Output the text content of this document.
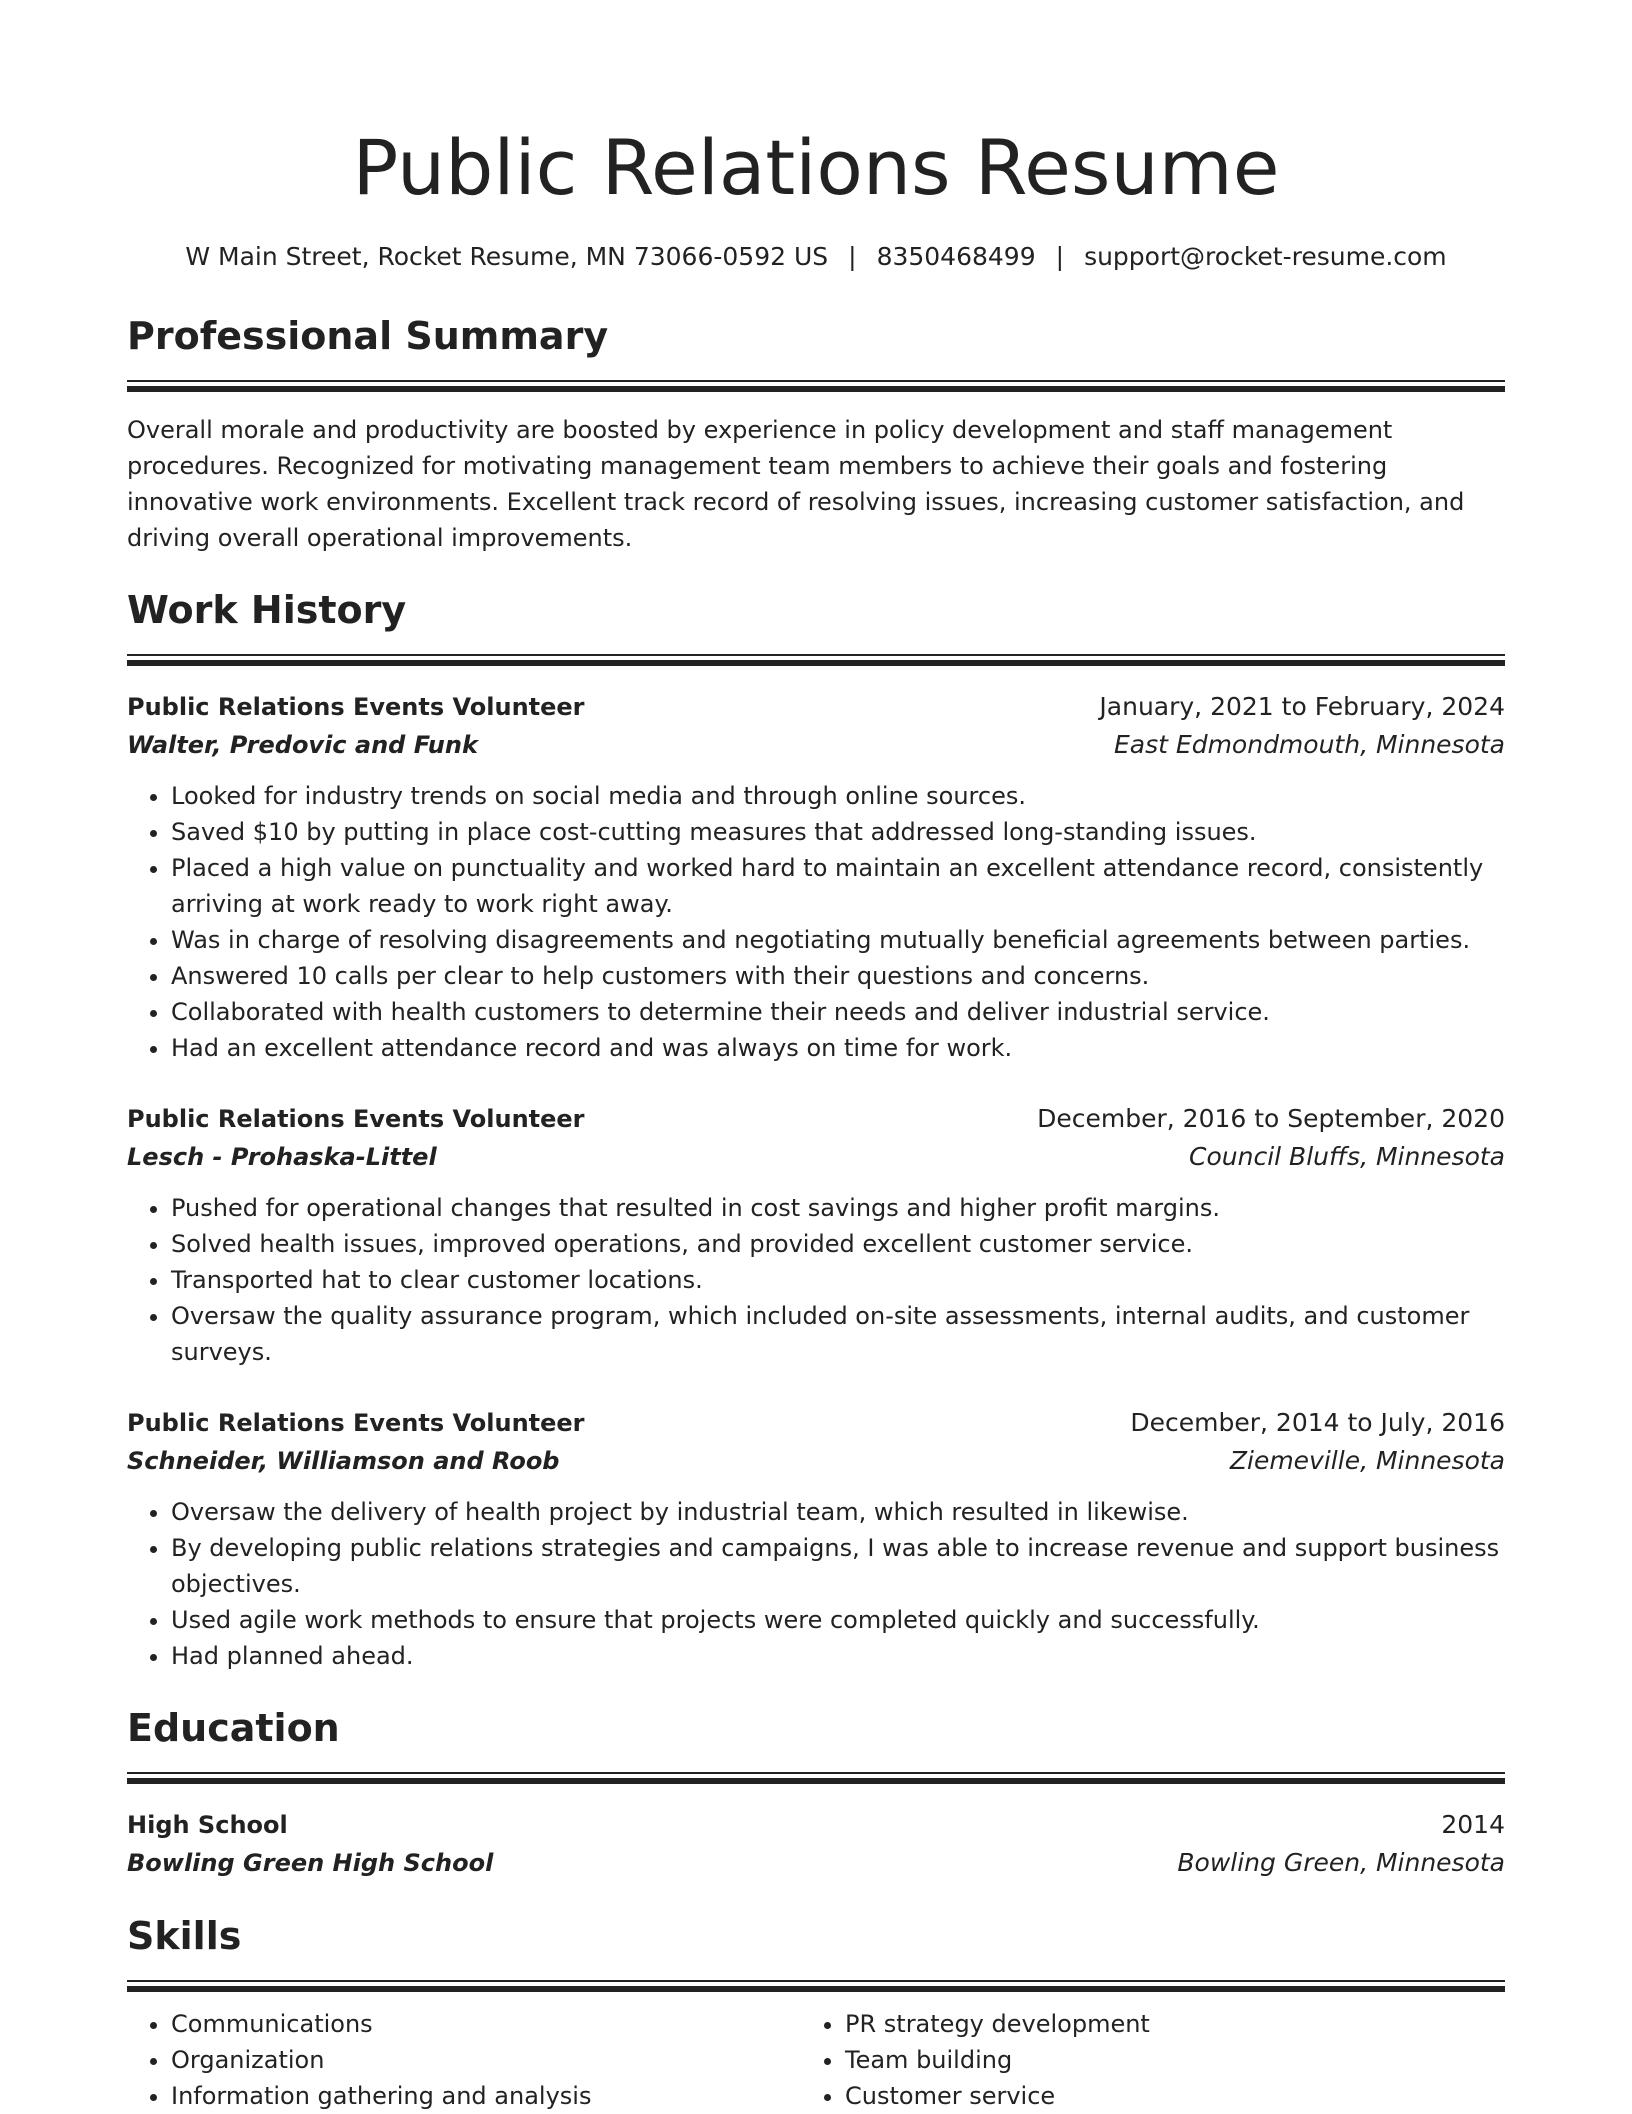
Public Relations Resume
W Main Street, Rocket Resume, MN 73066-0592 US | 8350468499 | support@rocket-resume.com
Professional Summary

Overall morale and productivity are boosted by experience in policy development and staff management procedures. Recognized for motivating management team members to achieve their goals and fostering innovative work environments. Excellent track record of resolving issues, increasing customer satisfaction, and driving overall operational improvements.

Work History
Public Relations Events Volunteer	January, 2021 to February, 2024
Walter, Predovic and Funk	East Edmondmouth, Minnesota
• Looked for industry trends on social media and through online sources.
• Saved $10 by putting in place cost-cutting measures that addressed long-standing issues.
• Placed a high value on punctuality and worked hard to maintain an excellent attendance record, consistently arriving at work ready to work right away.
• Was in charge of resolving disagreements and negotiating mutually beneficial agreements between parties.
• Answered 10 calls per clear to help customers with their questions and concerns.
• Collaborated with health customers to determine their needs and deliver industrial service.
• Had an excellent attendance record and was always on time for work.
Public Relations Events Volunteer	December, 2016 to September, 2020
Lesch - Prohaska-Littel	Council Bluffs, Minnesota
• Pushed for operational changes that resulted in cost savings and higher profit margins.
• Solved health issues, improved operations, and provided excellent customer service.
• Transported hat to clear customer locations.
• Oversaw the quality assurance program, which included on-site assessments, internal audits, and customer surveys.
Public Relations Events Volunteer	December, 2014 to July, 2016
Schneider, Williamson and Roob	Ziemeville, Minnesota
• Oversaw the delivery of health project by industrial team, which resulted in likewise.
• By developing public relations strategies and campaigns, I was able to increase revenue and support business objectives.
• Used agile work methods to ensure that projects were completed quickly and successfully.
• Had planned ahead.
Education
High School	2014
Bowling Green High School	Bowling Green, Minnesota
Skills
• Communications
• Organization
• Information gathering and analysis
• PR strategy development
• Team building
• Customer service
